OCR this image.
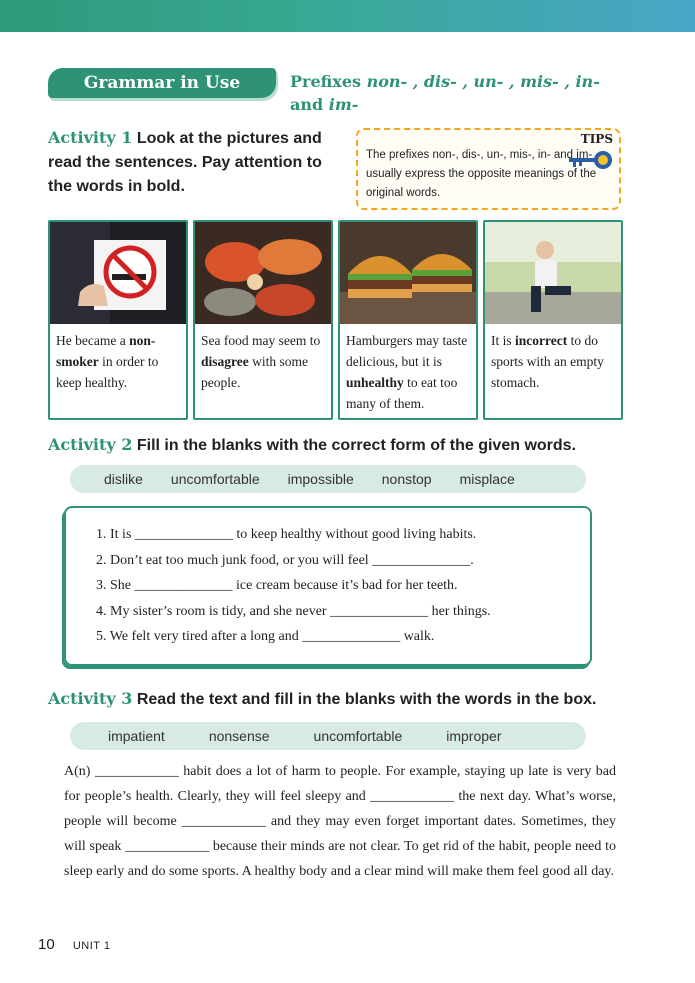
Grammar in Use	Prefixes non- , dis- , un- , mis- , in-
and im-
Activity 1 Look at the pictures and read the sentences. Pay attention to the words in bold.
TIPS
The prefixes non-, dis-, un-, mis-, in- and im- usually express the opposite meanings of the original words.
He became a non-smoker in order to keep healthy.
Sea food may seem to disagree with some people.
Hamburgers may taste delicious, but it is unhealthy to eat too many of them.
It is incorrect to do sports with an empty stomach.
Activity 2 Fill in the blanks with the correct form of the given words.
dislike uncomfortable impossible nonstop misplace
1. It is ______________ to keep healthy without good living habits.
2. Don’t eat too much junk food, or you will feel ______________.
3. She ______________ ice cream because it’s bad for her teeth.
4. My sister’s room is tidy, and she never ______________ her things.
5. We felt very tired after a long and ______________ walk.
Activity 3 Read the text and fill in the blanks with the words in the box.
impatient	nonsense	uncomfortable	improper
A(n) ____________ habit does a lot of harm to people. For example, staying up late is very bad for people’s health. Clearly, they will feel sleepy and ____________ the next day. What’s worse, people will become ____________ and they may even forget important dates. Sometimes, they will speak ____________ because their minds are not clear. To get rid of the habit, people need to sleep early and do some sports. A healthy body and a clear mind will make them feel good all day.
10 UNIT 1
